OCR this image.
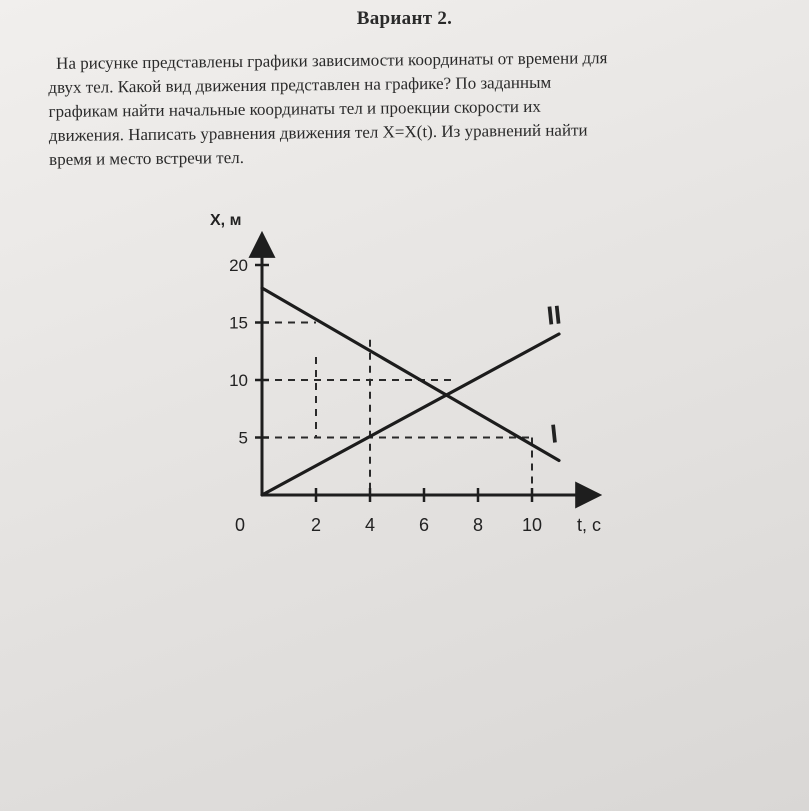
Вариант 2.
На рисунке представлены графики зависимости координаты от времени для
двух тел. Какой вид движения представлен на графике? По заданным
графикам найти начальные координаты тел и проекции скорости их
движения. Написать уравнения движения тел X=X(t). Из уравнений найти
время и место встречи тел.
2 4 6 8 10
5
10
15
20
I
II
X, м
t, с
0
